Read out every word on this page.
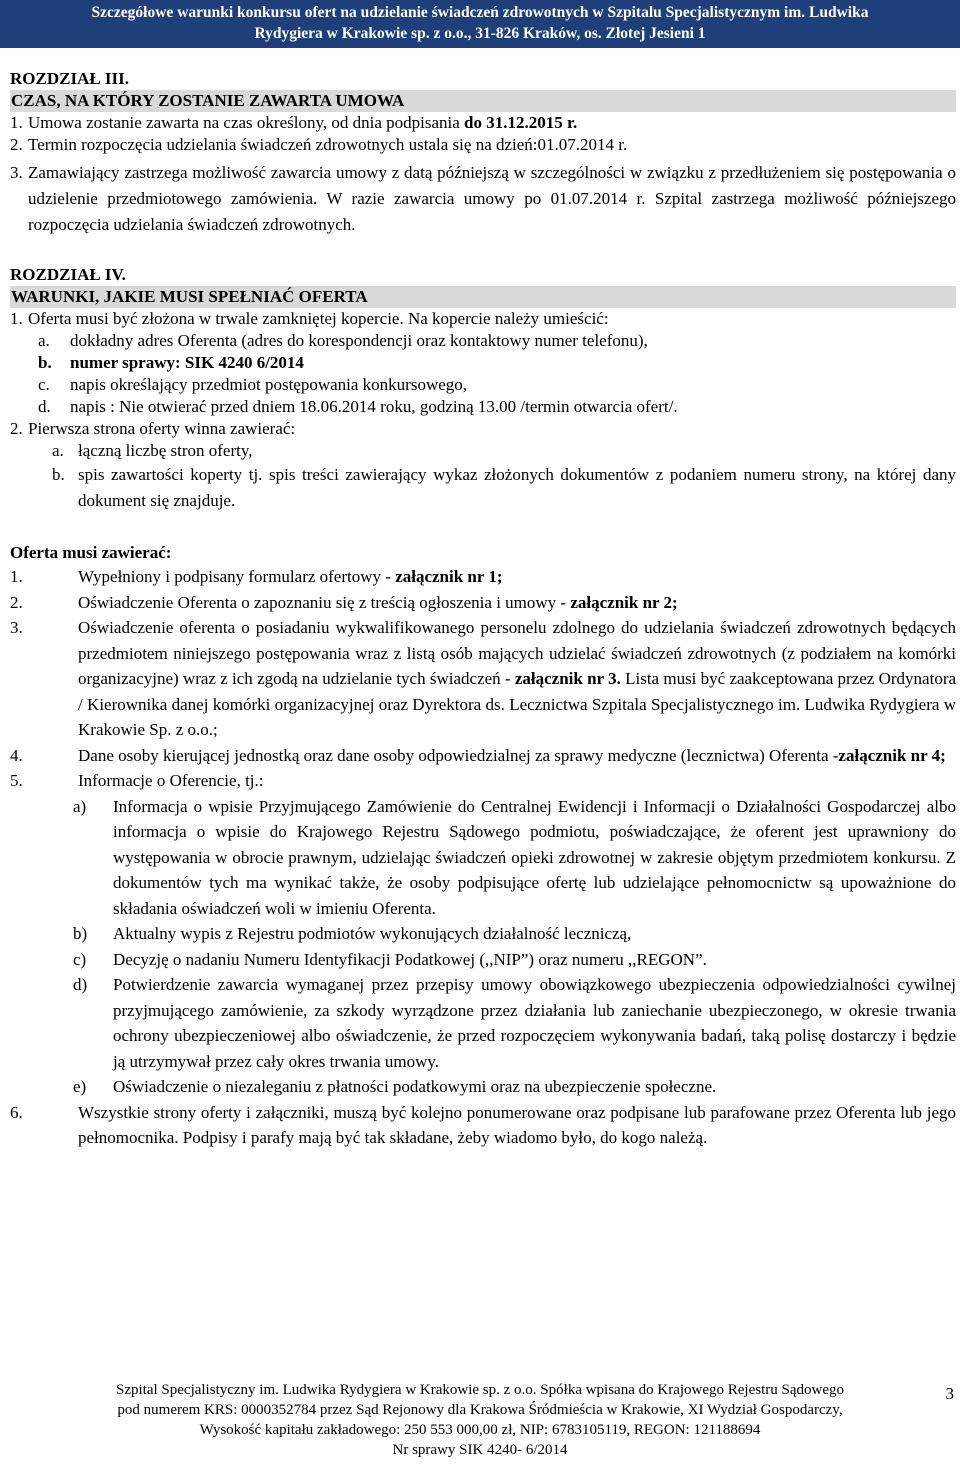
Szczegółowe warunki konkursu ofert na udzielanie świadczeń zdrowotnych w Szpitalu Specjalistycznym im. Ludwika
Rydygiera w Krakowie sp. z o.o., 31-826 Kraków, os. Złotej Jesieni 1
ROZDZIAŁ III.
CZAS, NA KTÓRY ZOSTANIE ZAWARTA UMOWA
1. Umowa zostanie zawarta na czas określony, od dnia podpisania do 31.12.2015 r.
2. Termin rozpoczęcia udzielania świadczeń zdrowotnych ustala się na dzień:01.07.2014 r.
3. Zamawiający zastrzega możliwość zawarcia umowy z datą późniejszą w szczególności w związku z przedłużeniem się postępowania o udzielenie przedmiotowego zamówienia. W razie zawarcia umowy po 01.07.2014 r. Szpital zastrzega możliwość późniejszego rozpoczęcia udzielania świadczeń zdrowotnych.
ROZDZIAŁ IV.
WARUNKI, JAKIE MUSI SPEŁNIAĆ OFERTA
1. Oferta musi być złożona w trwale zamkniętej kopercie. Na kopercie należy umieścić:
a.	dokładny adres Oferenta (adres do korespondencji oraz kontaktowy numer telefonu),
b.	numer sprawy: SIK 4240 6/2014
c.	napis określający przedmiot postępowania konkursowego,
d.	napis : Nie otwierać przed dniem 18.06.2014 roku, godziną 13.00 /termin otwarcia ofert/.
2. Pierwsza strona oferty winna zawierać:
a. łączną liczbę stron oferty,
b. spis zawartości koperty tj. spis treści zawierający wykaz złożonych dokumentów z podaniem numeru strony, na której dany dokument się znajduje.
Oferta musi zawierać:
1.	Wypełniony i podpisany formularz ofertowy - załącznik nr 1;
2.	Oświadczenie Oferenta o zapoznaniu się z treścią ogłoszenia i umowy - załącznik nr 2;
3.	Oświadczenie oferenta o posiadaniu wykwalifikowanego personelu zdolnego do udzielania świadczeń zdrowotnych będących przedmiotem niniejszego postępowania wraz z listą osób mających udzielać świadczeń zdrowotnych (z podziałem na komórki organizacyjne) wraz z ich zgodą na udzielanie tych świadczeń - załącznik nr 3. Lista musi być zaakceptowana przez Ordynatora / Kierownika danej komórki organizacyjnej oraz Dyrektora ds. Lecznictwa Szpitala Specjalistycznego im. Ludwika Rydygiera w Krakowie Sp. z o.o.;
4.	Dane osoby kierującej jednostką oraz dane osoby odpowiedzialnej za sprawy medyczne (lecznictwa) Oferenta -załącznik nr 4;
5.	Informacje o Oferencie, tj.:
a)	Informacja o wpisie Przyjmującego Zamówienie do Centralnej Ewidencji i Informacji o Działalności Gospodarczej albo informacja o wpisie do Krajowego Rejestru Sądowego podmiotu, poświadczające, że oferent jest uprawniony do występowania w obrocie prawnym, udzielając świadczeń opieki zdrowotnej w zakresie objętym przedmiotem konkursu. Z dokumentów tych ma wynikać także, że osoby podpisujące ofertę lub udzielające pełnomocnictw są upoważnione do składania oświadczeń woli w imieniu Oferenta.
b)	Aktualny wypis z Rejestru podmiotów wykonujących działalność leczniczą,
c)	Decyzję o nadaniu Numeru Identyfikacji Podatkowej (,,NIP”) oraz numeru ,,REGON”.
d)	Potwierdzenie zawarcia wymaganej przez przepisy umowy obowiązkowego ubezpieczenia odpowiedzialności cywilnej przyjmującego zamówienie, za szkody wyrządzone przez działania lub zaniechanie ubezpieczonego, w okresie trwania ochrony ubezpieczeniowej albo oświadczenie, że przed rozpoczęciem wykonywania badań, taką polisę dostarczy i będzie ją utrzymywał przez cały okres trwania umowy.
e)	Oświadczenie o niezaleganiu z płatności podatkowymi oraz na ubezpieczenie społeczne.
6.	Wszystkie strony oferty i załączniki, muszą być kolejno ponumerowane oraz podpisane lub parafowane przez Oferenta lub jego pełnomocnika. Podpisy i parafy mają być tak składane, żeby wiadomo było, do kogo należą.
Szpital Specjalistyczny im. Ludwika Rydygiera w Krakowie sp. z o.o. Spółka wpisana do Krajowego Rejestru Sądowego
pod numerem KRS: 0000352784 przez Sąd Rejonowy dla Krakowa Śródmieścia w Krakowie, XI Wydział Gospodarczy,
Wysokość kapitału zakładowego: 250 553 000,00 zł, NIP: 6783105119, REGON: 121188694
Nr sprawy SIK 4240- 6/2014
3
